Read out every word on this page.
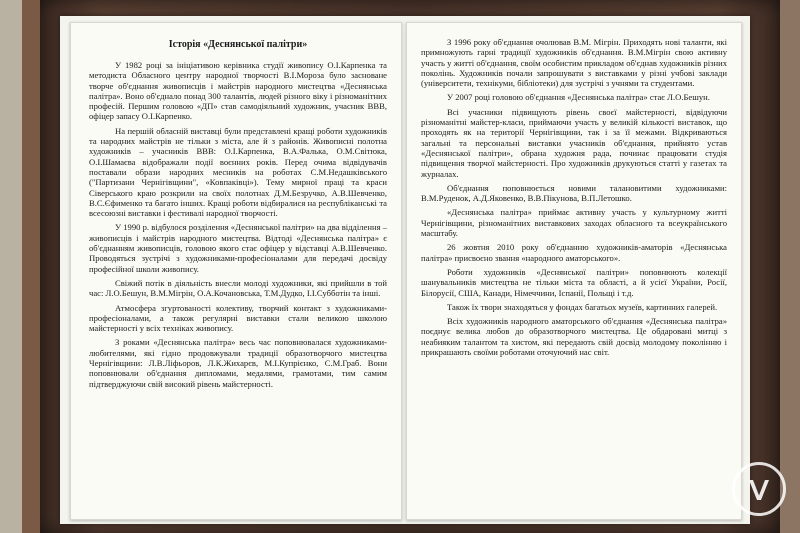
Історія «Деснянської палітри»

У 1982 році за ініціативою керівника студії живопису О.І.Карпенка та методиста Обласного центру народної творчості В.І.Мороза було засноване творче об'єднання живописців і майстрів народного мистецтва «Деснянська палітра». Воно об'єднало понад 300 талантів, людей різного віку і різноманітних професій. Першим головою «ДП» став самодіяльний художник, учасник ВВВ, офіцер запасу О.І.Карпенко.

На першій обласній виставці були представлені кращі роботи художників та народних майстрів не тільки з міста, але й з районів. Живописні полотна художників – учасників ВВВ: О.І.Карпенка, В.А.Фалька, О.М.Світюка, О.І.Шамаєва відображали події воєнних років. Перед очима відвідувачів поставали образи народних месників на роботах С.М.Недашківського ("Партизани Чернігівщини", «Ковпаківці»). Тему мирної праці та краси Сіверського краю розкрили на своїх полотнах Д.М.Безручко, А.В.Шевченко, В.С.Єфименко та багато інших. Кращі роботи відбиралися на республіканські та всесоюзні виставки і фестивалі народної творчості.

У 1990 р. відбулося розділення «Деснянської палітри» на два відділення – живописців і майстрів народного мистецтва. Відтоді «Деснянська палітра» є об'єднанням живописців, головою якого стає офіцер у відставці А.В.Шевченко. Проводяться зустрічі з художниками-професіоналами для передачі досвіду професійної школи живопису.

Свіжий потік в діяльність внесли молоді художники, які прийшли в той час: Л.О.Бешун, В.М.Мігрін, О.А.Кочановська, Т.М.Дудко, І.І.Субботін та інші.

Атмосфера згуртованості колективу, творчий контакт з художниками-професіоналами, а також регулярні виставки стали великою школою майстерності у всіх техніках живопису.

З роками «Деснянська палітра» весь час поповнювалася художниками-любителями, які гідно продовжували традиції образотворчого мистецтва Чернігівщини: Л.В.Ліфьоров, Л.К.Жихарєв, М.І.Купрієнко, С.М.Граб. Вони поповнювали об'єднання дипломами, медалями, грамотами, тим самим підтверджуючи свій високий рівень майстерності.

З 1996 року об'єднання очолював В.М. Мігрін. Приходять нові таланти, які примножують гарні традиції художників об'єднання. В.М.Мігрін свою активну участь у житті об'єднання, своїм особистим прикладом об'єднав художників різних поколінь. Художників почали запрошувати з виставками у різні учбові заклади (університети, технікуми, бібліотеки) для зустрічі з учнями та студентами.

У 2007 році головою об'єднання «Деснянська палітра» стає Л.О.Бешун.

Всі учасники підвищують рівень своєї майстерності, відвідуючи різноманітні майстер-класи, приймаючи участь у великій кількості виставок, що проходять як на території Чернігівщини, так і за її межами. Відкриваються загальні та персональні виставки учасників об'єднання, прийнято устав «Деснянської палітри», обрана художня рада, починає працювати студія підвищення творчої майстерності. Про художників друкуються статті у газетах та журналах.

Об'єднання поповнюється новими талановитими художниками: В.М.Руденок, А.Д.Яковенко, В.В.Пікунова, В.П.Летошко.

«Деснянська палітра» приймає активну участь у культурному житті Чернігівщини, різноманітних виставкових заходах обласного та всеукраїнського масштабу.

26 жовтня 2010 року об'єднанню художників-аматорів «Деснянська палітра» присвоєно звання «народного аматорського».

Роботи художників «Деснянської палітри» поповнюють колекції шанувальників мистецтва не тільки міста та області, а й усієї України, Росії, Білорусії, США, Канади, Німеччини, Іспанії, Польщі і т.д.

Також їх твори знаходяться у фондах багатьох музеїв, картинних галерей.

Всіх художників народного аматорського об'єднання «Деснянська палітра» поєднує велика любов до образотворчого мистецтва. Це обдаровані митці з неабияким талантом та хистом, які передають свій досвід молодому поколінню і прикрашають своїми роботами оточуючий нас світ.
